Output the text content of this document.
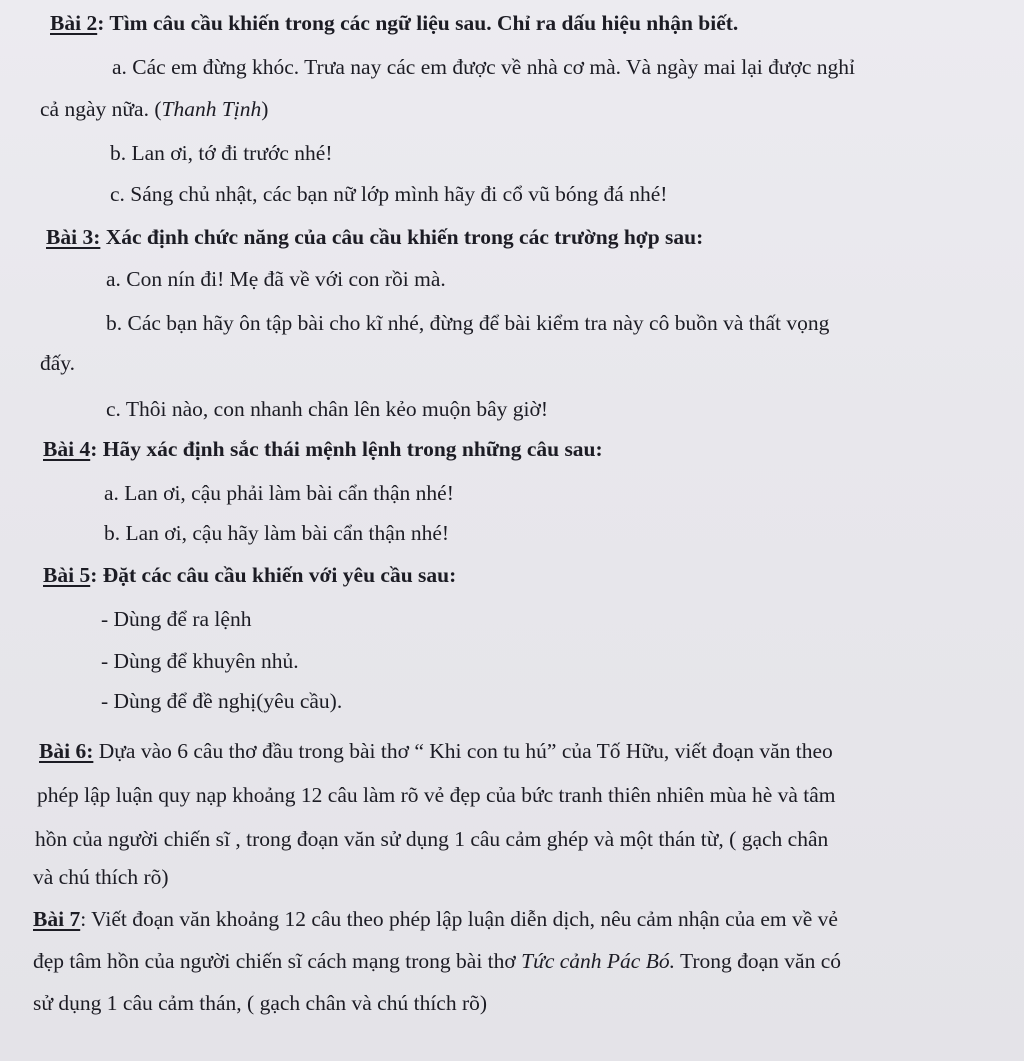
Bài 2: Tìm câu cầu khiến trong các ngữ liệu sau. Chỉ ra dấu hiệu nhận biết.
a. Các em đừng khóc. Trưa nay các em được về nhà cơ mà. Và ngày mai lại được nghỉ
cả ngày nữa. (Thanh Tịnh)
b. Lan ơi, tớ đi trước nhé!
c. Sáng chủ nhật, các bạn nữ lớp mình hãy đi cổ vũ bóng đá nhé!
Bài 3: Xác định chức năng của câu cầu khiến trong các trường hợp sau:
a. Con nín đi! Mẹ đã về với con rồi mà.
b. Các bạn hãy ôn tập bài cho kĩ nhé, đừng để bài kiểm tra này cô buồn và thất vọng
đấy.
c. Thôi nào, con nhanh chân lên kẻo muộn bây giờ!
Bài 4: Hãy xác định sắc thái mệnh lệnh trong những câu sau:
a. Lan ơi, cậu phải làm bài cẩn thận nhé!
b. Lan ơi, cậu hãy làm bài cẩn thận nhé!
Bài 5: Đặt các câu cầu khiến với yêu cầu sau:
- Dùng để ra lệnh
- Dùng để khuyên nhủ.
- Dùng để đề nghị(yêu cầu).
Bài 6: Dựa vào 6 câu thơ đầu trong bài thơ “ Khi con tu hú” của Tố Hữu, viết đoạn văn theo
phép lập luận quy nạp khoảng 12 câu làm rõ vẻ đẹp của bức tranh thiên nhiên mùa hè và tâm
hồn của người chiến sĩ , trong đoạn văn sử dụng 1 câu cảm ghép và một thán từ, ( gạch chân
và chú thích rõ)
Bài 7: Viết đoạn văn khoảng 12 câu theo phép lập luận diễn dịch, nêu cảm nhận của em về vẻ
đẹp tâm hồn của người chiến sĩ cách mạng trong bài thơ Tức cảnh Pác Bó. Trong đoạn văn có
sử dụng 1 câu cảm thán, ( gạch chân và chú thích rõ)
